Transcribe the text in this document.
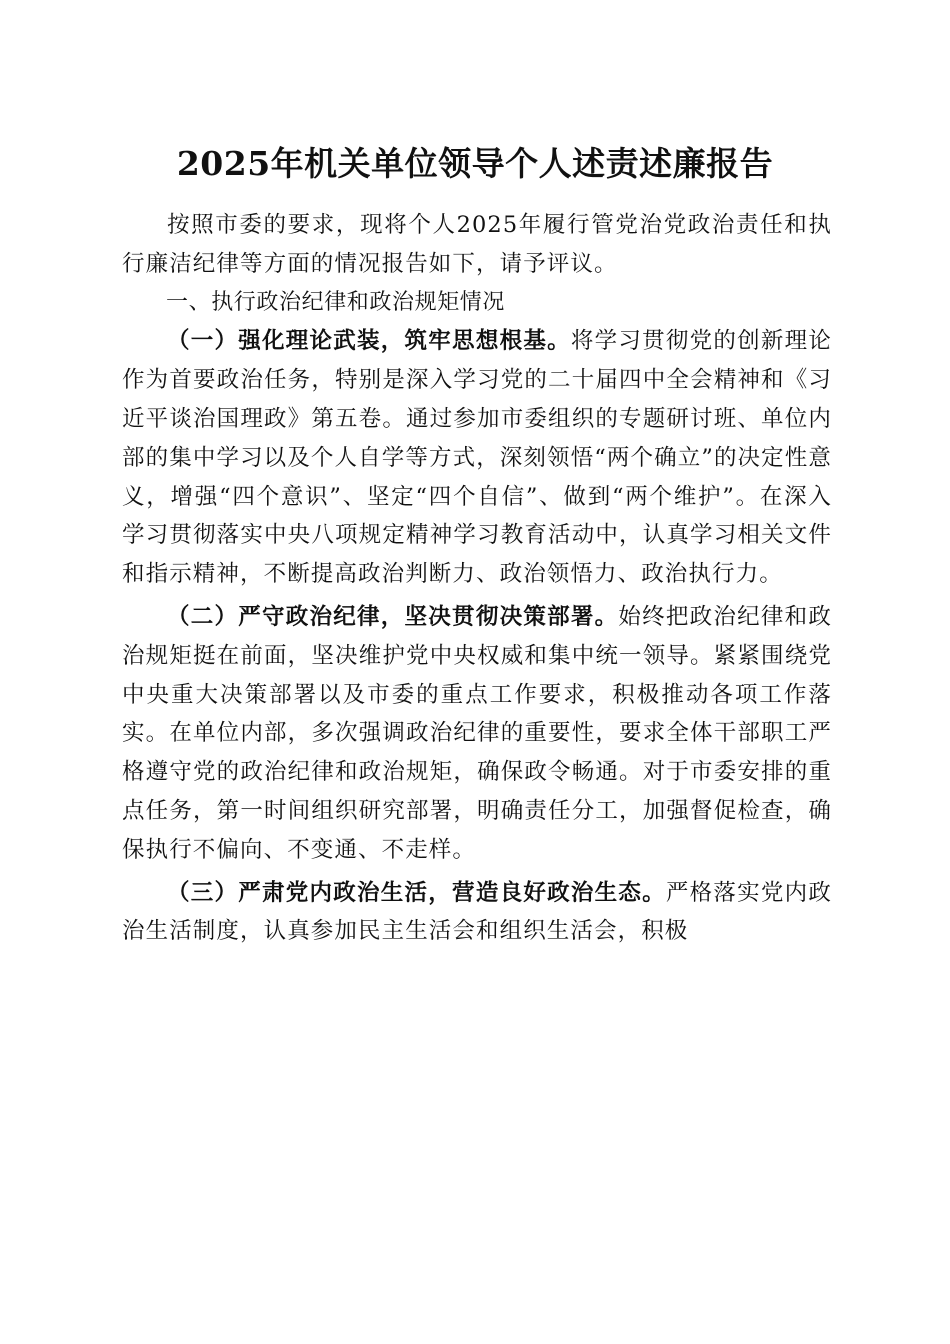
2025年机关单位领导个人述责述廉报告

按照市委的要求，现将个人2025年履行管党治党政治责任和执行廉洁纪律等方面的情况报告如下，请予评议。

一、执行政治纪律和政治规矩情况

（一）强化理论武装，筑牢思想根基。将学习贯彻党的创新理论作为首要政治任务，特别是深入学习党的二十届四中全会精神和《习近平谈治国理政》第五卷。通过参加市委组织的专题研讨班、单位内部的集中学习以及个人自学等方式，深刻领悟“两个确立”的决定性意义，增强“四个意识”、坚定“四个自信”、做到“两个维护”。在深入学习贯彻落实中央八项规定精神学习教育活动中，认真学习相关文件和指示精神，不断提高政治判断力、政治领悟力、政治执行力。

（二）严守政治纪律，坚决贯彻决策部署。始终把政治纪律和政治规矩挺在前面，坚决维护党中央权威和集中统一领导。紧紧围绕党中央重大决策部署以及市委的重点工作要求，积极推动各项工作落实。在单位内部，多次强调政治纪律的重要性，要求全体干部职工严格遵守党的政治纪律和政治规矩，确保政令畅通。对于市委安排的重点任务，第一时间组织研究部署，明确责任分工，加强督促检查，确保执行不偏向、不变通、不走样。

（三）严肃党内政治生活，营造良好政治生态。严格落实党内政治生活制度，认真参加民主生活会和组织生活会，积极
